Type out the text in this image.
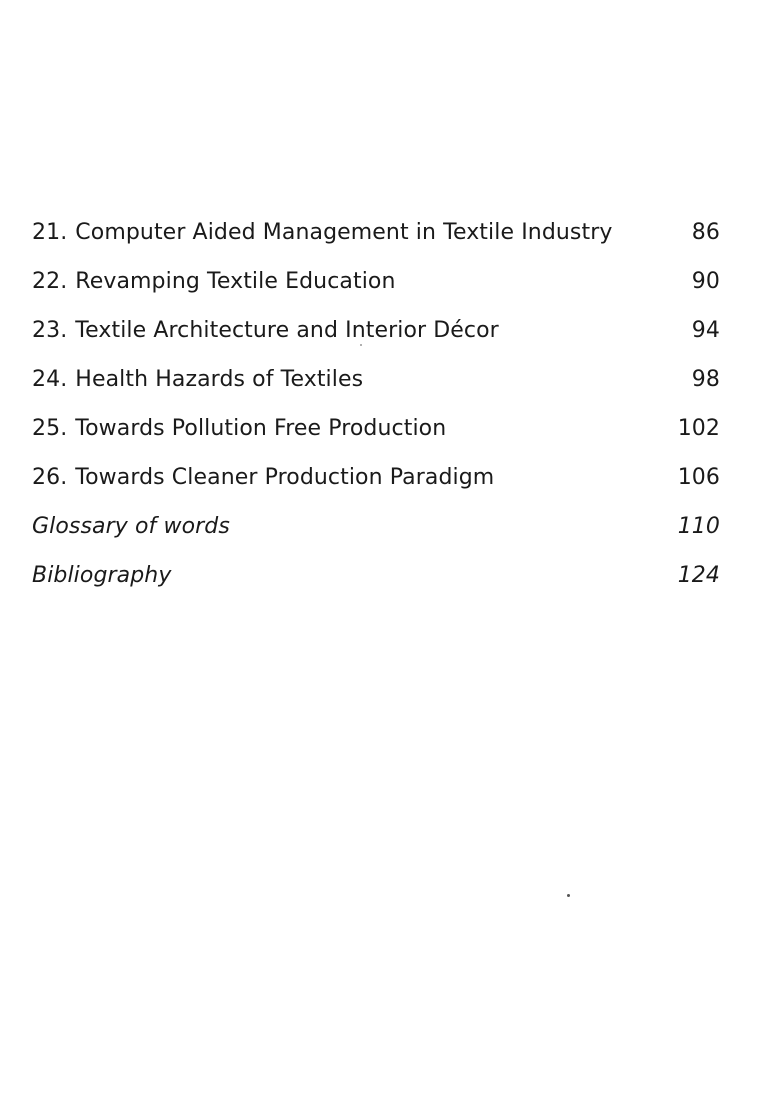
21. Computer Aided Management in Textile Industry	86
22. Revamping Textile Education	90
23. Textile Architecture and Interior Décor	94
24. Health Hazards of Textiles	98
25. Towards Pollution Free Production	102
26. Towards Cleaner Production Paradigm	106
Glossary of words	110
Bibliography	124
